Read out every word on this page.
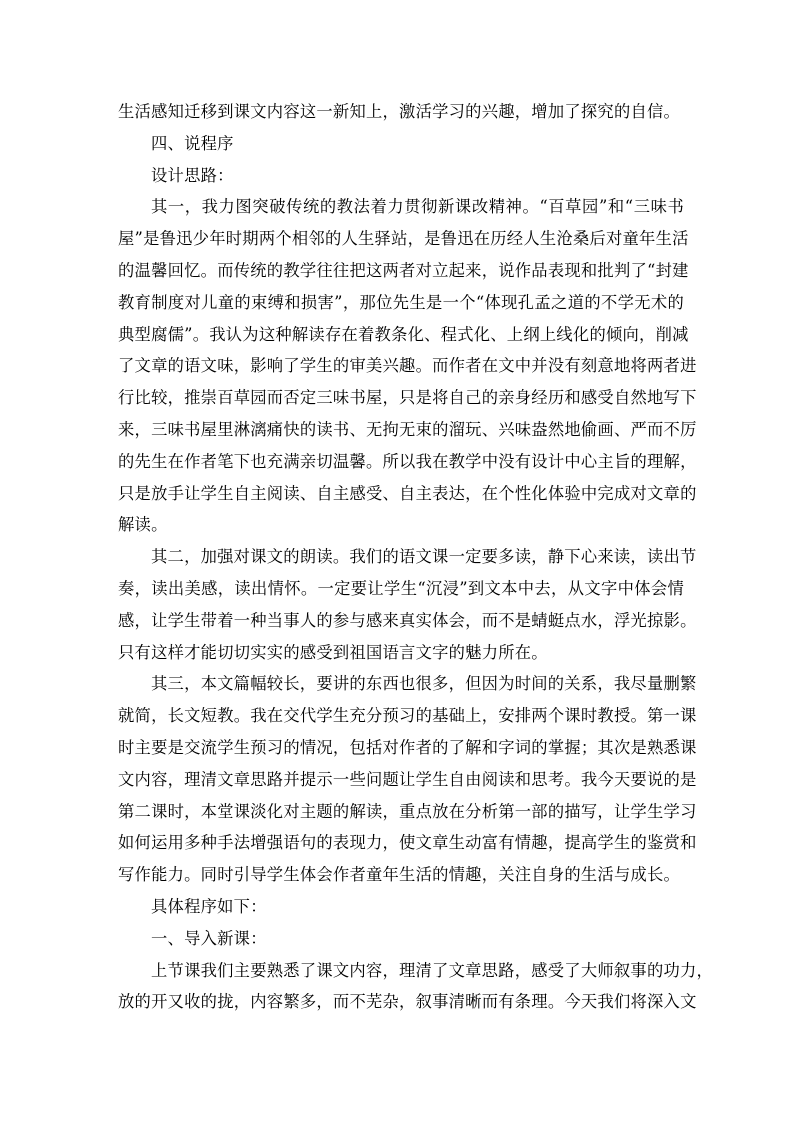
生活感知迁移到课文内容这一新知上，激活学习的兴趣，增加了探究的自信。
四、说程序
设计思路：
其一，我力图突破传统的教法着力贯彻新课改精神。“百草园”和“三味书
屋”是鲁迅少年时期两个相邻的人生驿站，是鲁迅在历经人生沧桑后对童年生活
的温馨回忆。而传统的教学往往把这两者对立起来，说作品表现和批判了“封建
教育制度对儿童的束缚和损害”，那位先生是一个“体现孔孟之道的不学无术的
典型腐儒”。我认为这种解读存在着教条化、程式化、上纲上线化的倾向，削减
了文章的语文味，影响了学生的审美兴趣。而作者在文中并没有刻意地将两者进
行比较，推崇百草园而否定三味书屋，只是将自己的亲身经历和感受自然地写下
来，三味书屋里淋漓痛快的读书、无拘无束的溜玩、兴味盎然地偷画、严而不厉
的先生在作者笔下也充满亲切温馨。所以我在教学中没有设计中心主旨的理解，
只是放手让学生自主阅读、自主感受、自主表达，在个性化体验中完成对文章的
解读。
其二，加强对课文的朗读。我们的语文课一定要多读，静下心来读，读出节
奏，读出美感，读出情怀。一定要让学生“沉浸”到文本中去，从文字中体会情
感，让学生带着一种当事人的参与感来真实体会，而不是蜻蜓点水，浮光掠影。
只有这样才能切切实实的感受到祖国语言文字的魅力所在。
其三，本文篇幅较长，要讲的东西也很多，但因为时间的关系，我尽量删繁
就简，长文短教。我在交代学生充分预习的基础上，安排两个课时教授。第一课
时主要是交流学生预习的情况，包括对作者的了解和字词的掌握；其次是熟悉课
文内容，理清文章思路并提示一些问题让学生自由阅读和思考。我今天要说的是
第二课时，本堂课淡化对主题的解读，重点放在分析第一部的描写，让学生学习
如何运用多种手法增强语句的表现力，使文章生动富有情趣，提高学生的鉴赏和
写作能力。同时引导学生体会作者童年生活的情趣，关注自身的生活与成长。
具体程序如下：
一、导入新课：
上节课我们主要熟悉了课文内容，理清了文章思路，感受了大师叙事的功力，
放的开又收的拢，内容繁多，而不芜杂，叙事清晰而有条理。今天我们将深入文
